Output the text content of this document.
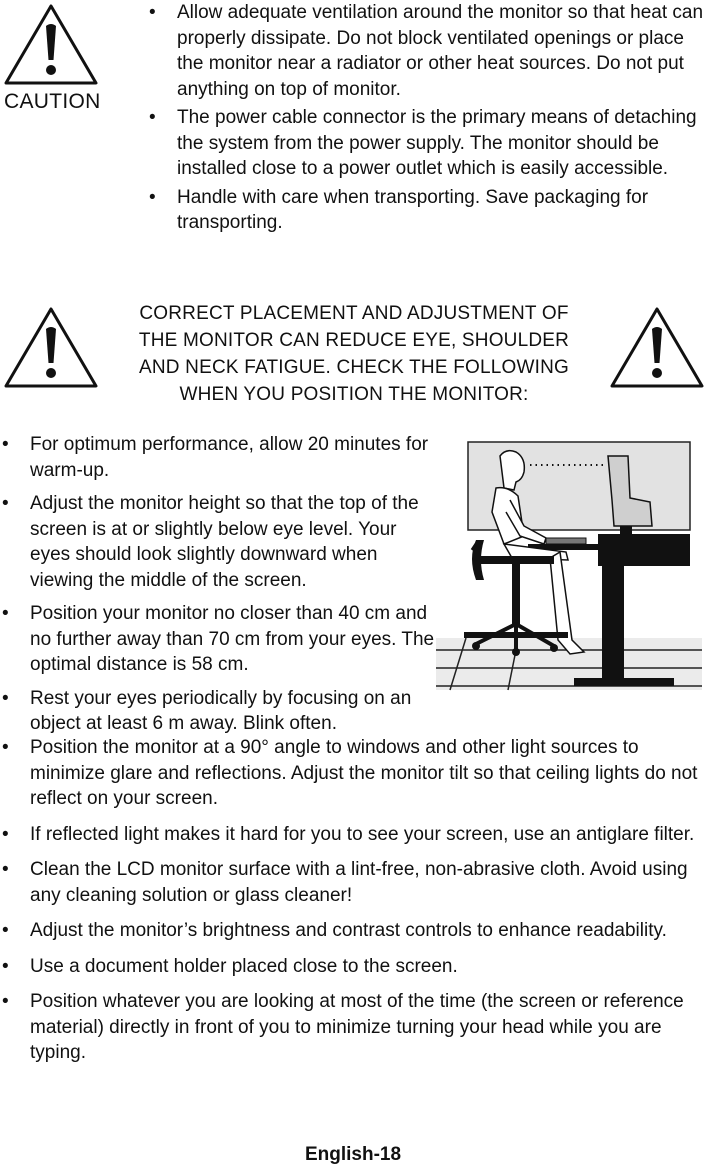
CAUTION
• Allow adequate ventilation around the monitor so that heat can properly dissipate. Do not block ventilated openings or place the monitor near a radiator or other heat sources. Do not put anything on top of monitor.
• The power cable connector is the primary means of detaching the system from the power supply. The monitor should be installed close to a power outlet which is easily accessible.
• Handle with care when transporting. Save packaging for transporting.
CORRECT PLACEMENT AND ADJUSTMENT OF THE MONITOR CAN REDUCE EYE, SHOULDER AND NECK FATIGUE. CHECK THE FOLLOWING WHEN YOU POSITION THE MONITOR:
• For optimum performance, allow 20 minutes for warm-up.
• Adjust the monitor height so that the top of the screen is at or slightly below eye level. Your eyes should look slightly downward when viewing the middle of the screen.
• Position your monitor no closer than 40 cm and no further away than 70 cm from your eyes. The optimal distance is 58 cm.
• Rest your eyes periodically by focusing on an object at least 6 m away. Blink often.
• Position the monitor at a 90° angle to windows and other light sources to minimize glare and reflections. Adjust the monitor tilt so that ceiling lights do not reflect on your screen.
• If reflected light makes it hard for you to see your screen, use an antiglare filter.
• Clean the LCD monitor surface with a lint-free, non-abrasive cloth. Avoid using any cleaning solution or glass cleaner!
• Adjust the monitor’s brightness and contrast controls to enhance readability.
• Use a document holder placed close to the screen.
• Position whatever you are looking at most of the time (the screen or reference material) directly in front of you to minimize turning your head while you are typing.
English-18
